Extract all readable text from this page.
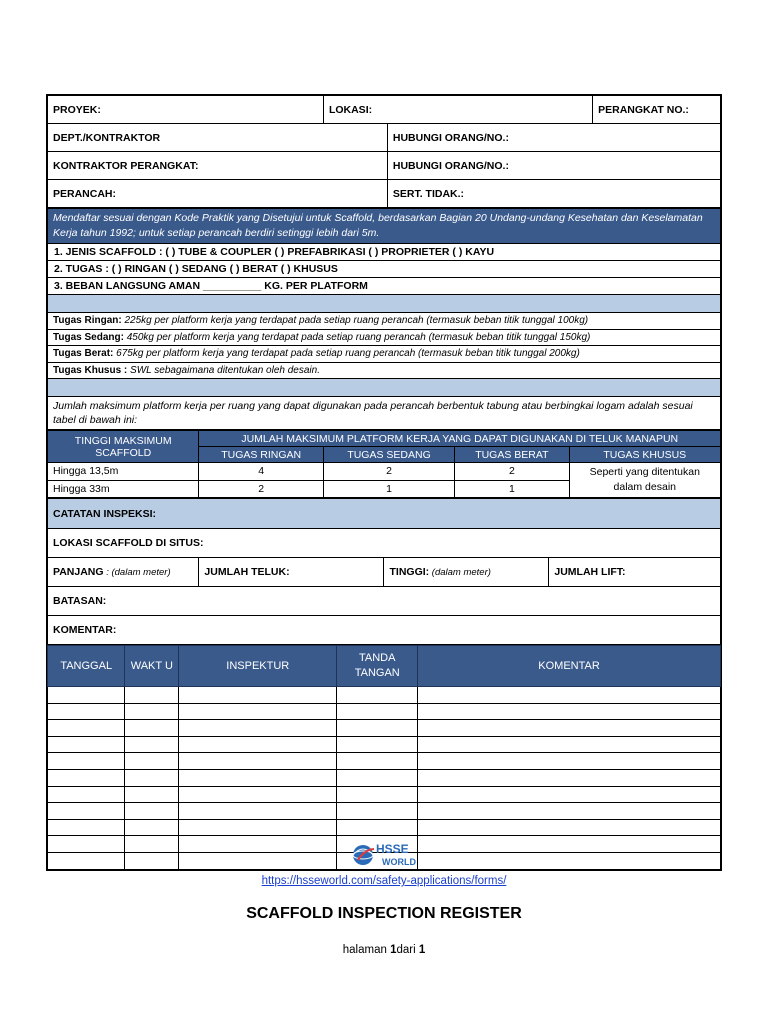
PROYEK:	LOKASI:		PERANGKAT NO.:
DEPT./KONTRAKTOR		HUBUNGI ORANG/NO.:	
KONTRAKTOR PERANGKAT:		HUBUNGI ORANG/NO.:	
PERANCAH:		SERT. TIDAK.:	
Mendaftar sesuai dengan Kode Praktik yang Disetujui untuk Scaffold, berdasarkan Bagian 20 Undang-undang Kesehatan dan Keselamatan Kerja tahun 1992; untuk setiap perancah berdiri setinggi lebih dari 5m.
1. JENIS SCAFFOLD : ( ) TUBE & COUPLER ( ) PREFABRIKASI ( ) PROPRIETER ( ) KAYU
2. TUGAS : ( ) RINGAN ( ) SEDANG ( ) BERAT ( ) KHUSUS
3. BEBAN LANGSUNG AMAN __________ KG. PER PLATFORM

Tugas Ringan: 225kg per platform kerja yang terdapat pada setiap ruang perancah (termasuk beban titik tunggal 100kg)
Tugas Sedang: 450kg per platform kerja yang terdapat pada setiap ruang perancah (termasuk beban titik tunggal 150kg)
Tugas Berat: 675kg per platform kerja yang terdapat pada setiap ruang perancah (termasuk beban titik tunggal 200kg)
Tugas Khusus : SWL sebagaimana ditentukan oleh desain.

Jumlah maksimum platform kerja per ruang yang dapat digunakan pada perancah berbentuk tabung atau berbingkai logam adalah sesuai tabel di bawah ini:
TINGGI MAKSIMUM SCAFFOLD	JUMLAH MAKSIMUM PLATFORM KERJA YANG DAPAT DIGUNAKAN DI TELUK MANAPUN			
	TUGAS RINGAN	TUGAS SEDANG	TUGAS BERAT	TUGAS KHUSUS
Hingga 13,5m	4	2	2	Seperti yang ditentukan dalam desain
Hingga 33m	2	1	1	
CATATAN INSPEKSI:
LOKASI SCAFFOLD DI SITUS:
PANJANG : (dalam meter)	JUMLAH TELUK:	TINGGI: (dalam meter)	JUMLAH LIFT:
BATASAN:
KOMENTAR:
TANGGAL	WAKT U	INSPEKTUR	TANDA TANGAN	KOMENTAR

HSSE
WORLD
https://hsseworld.com/safety-applications/forms/
SCAFFOLD INSPECTION REGISTER
halaman 1dari 1
